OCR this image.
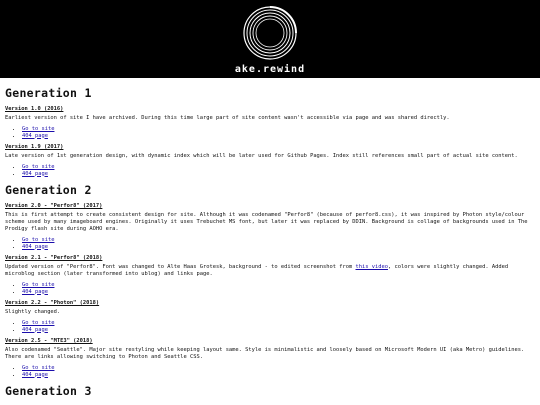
ake.rewind
Generation 1
Version 1.0 (2016)
Earliest version of site I have archived. During this time large part of site content wasn't accessible via page and was shared directly.
• Go to site
• 404 page
Version 1.9 (2017)
Late version of 1st generation design, with dynamic index which will be later used for Github Pages. Index still references small part of actual site content.
• Go to site
• 404 page
Generation 2
Version 2.0 - "Perfor8" (2017)
This is first attempt to create consistent design for site. Although it was codenamed "Perfor8" (because of perfor8.css), it was inspired by Photon style/colour scheme used by many imageboard engines. Originally it uses Trebuchet MS font, but later it was replaced by DDIN. Background is collage of backgrounds used in The Prodigy flash site during AOHO era.
• Go to site
• 404 page
Version 2.1 - "Perfor8" (2018)
Updated version of "Perfor8". Font was changed to Alte Haas Grotesk, background - to edited screenshot from this video, colors were slightly changed. Added microblog section (later transformed into ublog) and links page.
• Go to site
• 404 page
Version 2.2 - "Photon" (2018)
Slightly changed.
• Go to site
• 404 page
Version 2.5 - "MTE3" (2018)
Also codenamed "Seattle". Major site restyling while keeping layout same. Style is minimalistic and loosely based on Microsoft Modern UI (aka Metro) guidelines. There are links allowing switching to Photon and Seattle CSS.
• Go to site
• 404 page
Generation 3
